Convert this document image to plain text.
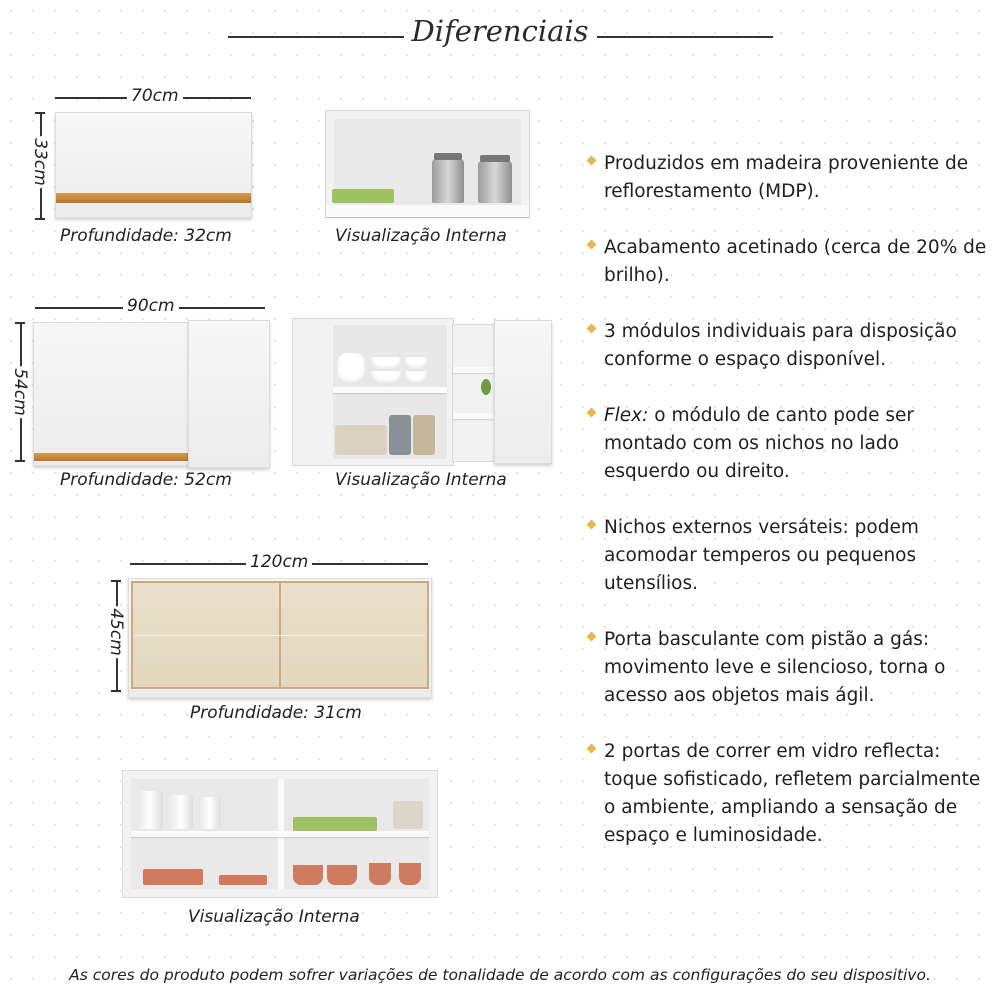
Diferenciais
70cm
33cm
Profundidade: 32cm	Visualização Interna
90cm
54cm
Profundidade: 52cm	Visualização Interna
120cm
45cm
Profundidade: 31cm
Visualização Interna
Produzidos em madeira proveniente de reflorestamento (MDP).
Acabamento acetinado (cerca de 20% de brilho).
3 módulos individuais para disposição conforme o espaço disponível.
Flex: o módulo de canto pode ser montado com os nichos no lado esquerdo ou direito.
Nichos externos versáteis: podem acomodar temperos ou pequenos utensílios.
Porta basculante com pistão a gás: movimento leve e silencioso, torna o acesso aos objetos mais ágil.
2 portas de correr em vidro reflecta: toque sofisticado, refletem parcialmente o ambiente, ampliando a sensação de espaço e luminosidade.
As cores do produto podem sofrer variações de tonalidade de acordo com as configurações do seu dispositivo.
